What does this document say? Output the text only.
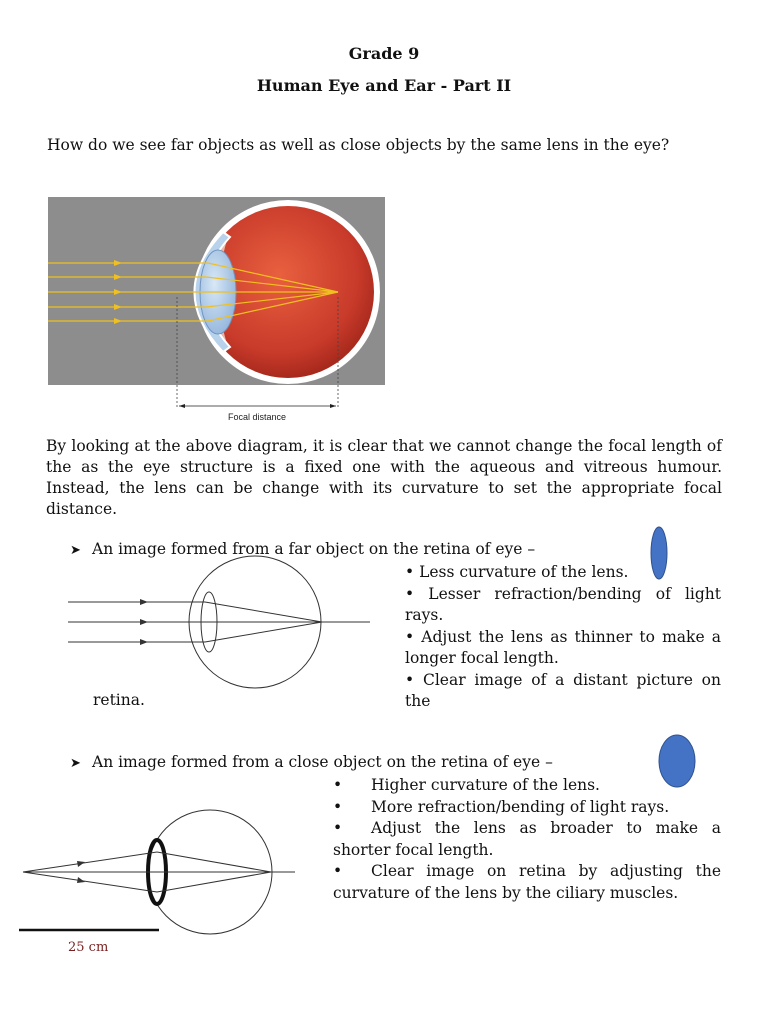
Grade 9
Human Eye and Ear - Part II
How do we see far objects as well as close objects by the same lens in the eye?
Focal distance
By looking at the above diagram, it is clear that we cannot change the focal length of the as the eye structure is a fixed one with the aqueous and vitreous humour. Instead, the lens can be change with its curvature to set the appropriate focal distance.
➤ An image formed from a far object on the retina of eye –
• Less curvature of the lens.
• Lesser refraction/bending of light rays.
• Adjust the lens as thinner to make a longer focal length.
• Clear image of a distant picture on the
retina.
➤ An image formed from a close object on the retina of eye –
• Higher curvature of the lens.
• More refraction/bending of light rays.
• Adjust the lens as broader to make a shorter focal length.
• Clear image on retina by adjusting the curvature of the lens by the ciliary muscles.
25 cm
